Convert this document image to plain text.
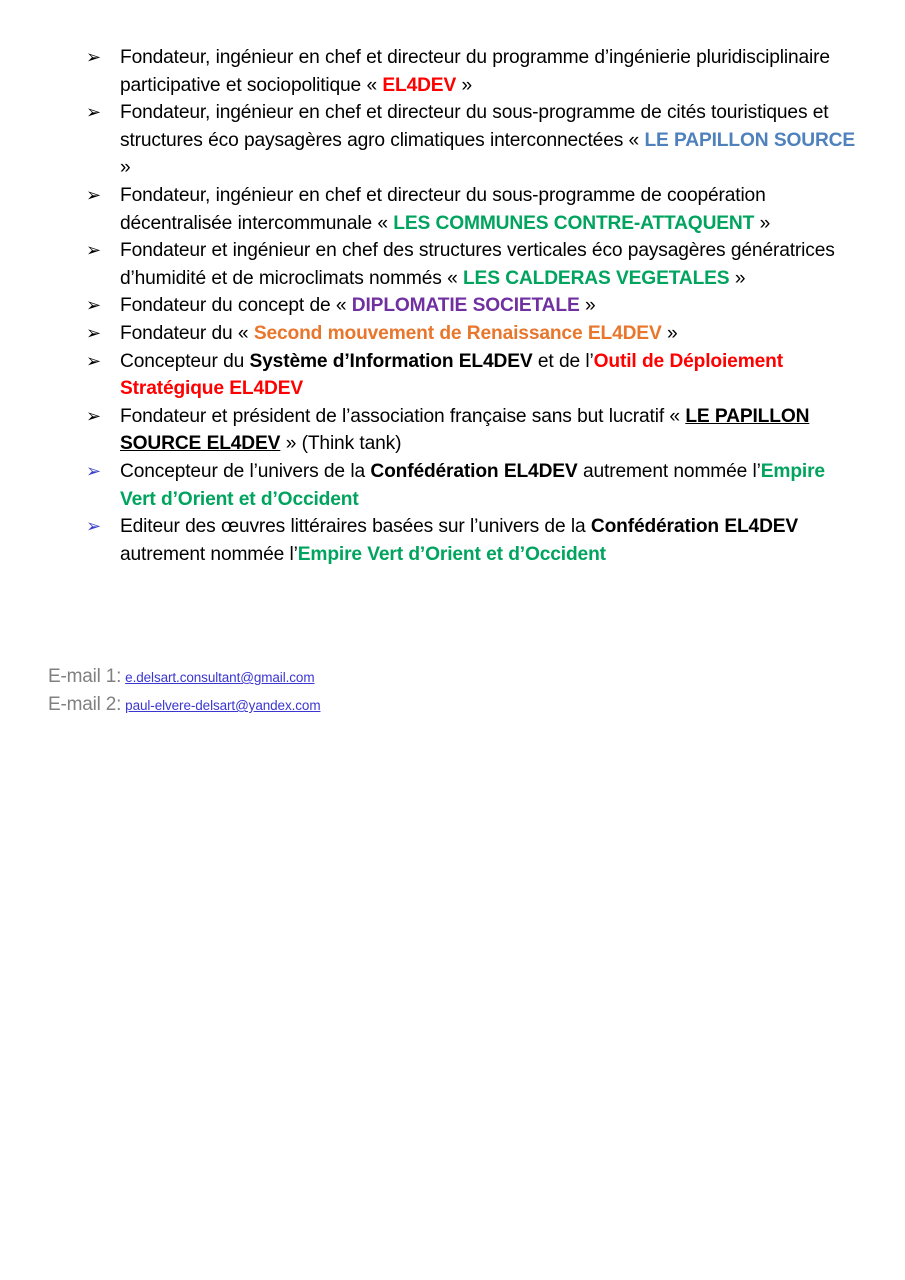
➢ Fondateur, ingénieur en chef et directeur du programme d’ingénierie pluridisciplinaire participative et sociopolitique « EL4DEV »
➢ Fondateur, ingénieur en chef et directeur du sous-programme de cités touristiques et structures éco paysagères agro climatiques interconnectées « LE PAPILLON SOURCE »
➢ Fondateur, ingénieur en chef et directeur du sous-programme de coopération décentralisée intercommunale « LES COMMUNES CONTRE-ATTAQUENT »
➢ Fondateur et ingénieur en chef des structures verticales éco paysagères génératrices d’humidité et de microclimats nommés « LES CALDERAS VEGETALES »
➢ Fondateur du concept de « DIPLOMATIE SOCIETALE »
➢ Fondateur du « Second mouvement de Renaissance EL4DEV »
➢ Concepteur du Système d’Information EL4DEV et de l’Outil de Déploiement Stratégique EL4DEV
➢ Fondateur et président de l’association française sans but lucratif « LE PAPILLON SOURCE EL4DEV » (Think tank)
➢ Concepteur de l’univers de la Confédération EL4DEV autrement nommée l’Empire Vert d’Orient et d’Occident
➢ Editeur des œuvres littéraires basées sur l’univers de la Confédération EL4DEV autrement nommée l’Empire Vert d’Orient et d’Occident
E-mail 1: e.delsart.consultant@gmail.com
E-mail 2: paul-elvere-delsart@yandex.com
